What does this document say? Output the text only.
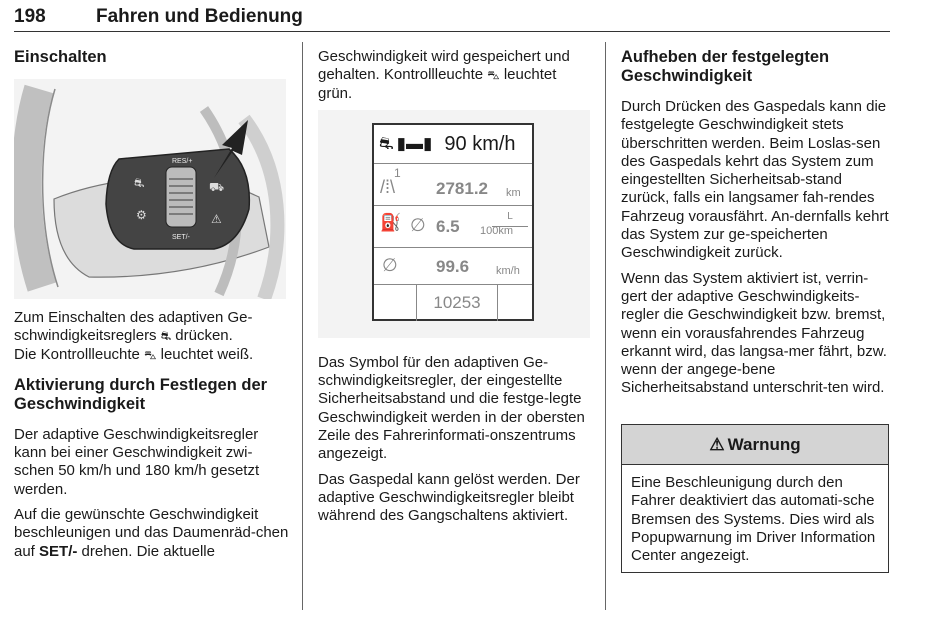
198	Fahren und Bedienung
Einschalten
RES/+
SET/-
⛐
⚙
⛟
⚠

Zum Einschalten des adaptiven Ge-
schwindigkeitsreglers ⛐ drücken.
Die Kontrollleuchte ⛍ leuchtet weiß.

Aktivierung durch Festlegen der
Geschwindigkeit

Der adaptive Geschwindigkeitsregler kann bei einer Geschwindigkeit zwi-schen 50 km/h und 180 km/h gesetzt werden.

Auf die gewünschte Geschwindigkeit beschleunigen und das Daumenräd-chen auf SET/- drehen. Die aktuelle

Geschwindigkeit wird gespeichert und gehalten. Kontrollleuchte ⛍ leuchtet grün.

⛐ ▮▬▮ 90 km/h
1
/⁞\ 2781.2 km
⛽ ∅ 6.5
L
100km
∅ 99.6 km/h
10253

Das Symbol für den adaptiven Ge-schwindigkeitsregler, der eingestellte Sicherheitsabstand und die festge-legte Geschwindigkeit werden in der obersten Zeile des Fahrerinformati-onszentrums angezeigt.

Das Gaspedal kann gelöst werden. Der adaptive Geschwindigkeitsregler bleibt während des Gangschaltens aktiviert.

Aufheben der festgelegten Geschwindigkeit

Durch Drücken des Gaspedals kann die festgelegte Geschwindigkeit stets überschritten werden. Beim Loslas-sen des Gaspedals kehrt das System zum eingestellten Sicherheitsab-stand zurück, falls ein langsamer fah-rendes Fahrzeug vorausfährt. An-dernfalls kehrt das System zur ge-speicherten Geschwindigkeit zurück.

Wenn das System aktiviert ist, verrin-gert der adaptive Geschwindigkeits-regler die Geschwindigkeit bzw. bremst, wenn ein vorausfahrendes Fahrzeug erkannt wird, das langsa-mer fährt, bzw. wenn der angege-bene Sicherheitsabstand unterschrit-ten wird.

⚠ Warnung
Eine Beschleunigung durch den Fahrer deaktiviert das automati-sche Bremsen des Systems. Dies wird als Popupwarnung im Driver Information Center angezeigt.
